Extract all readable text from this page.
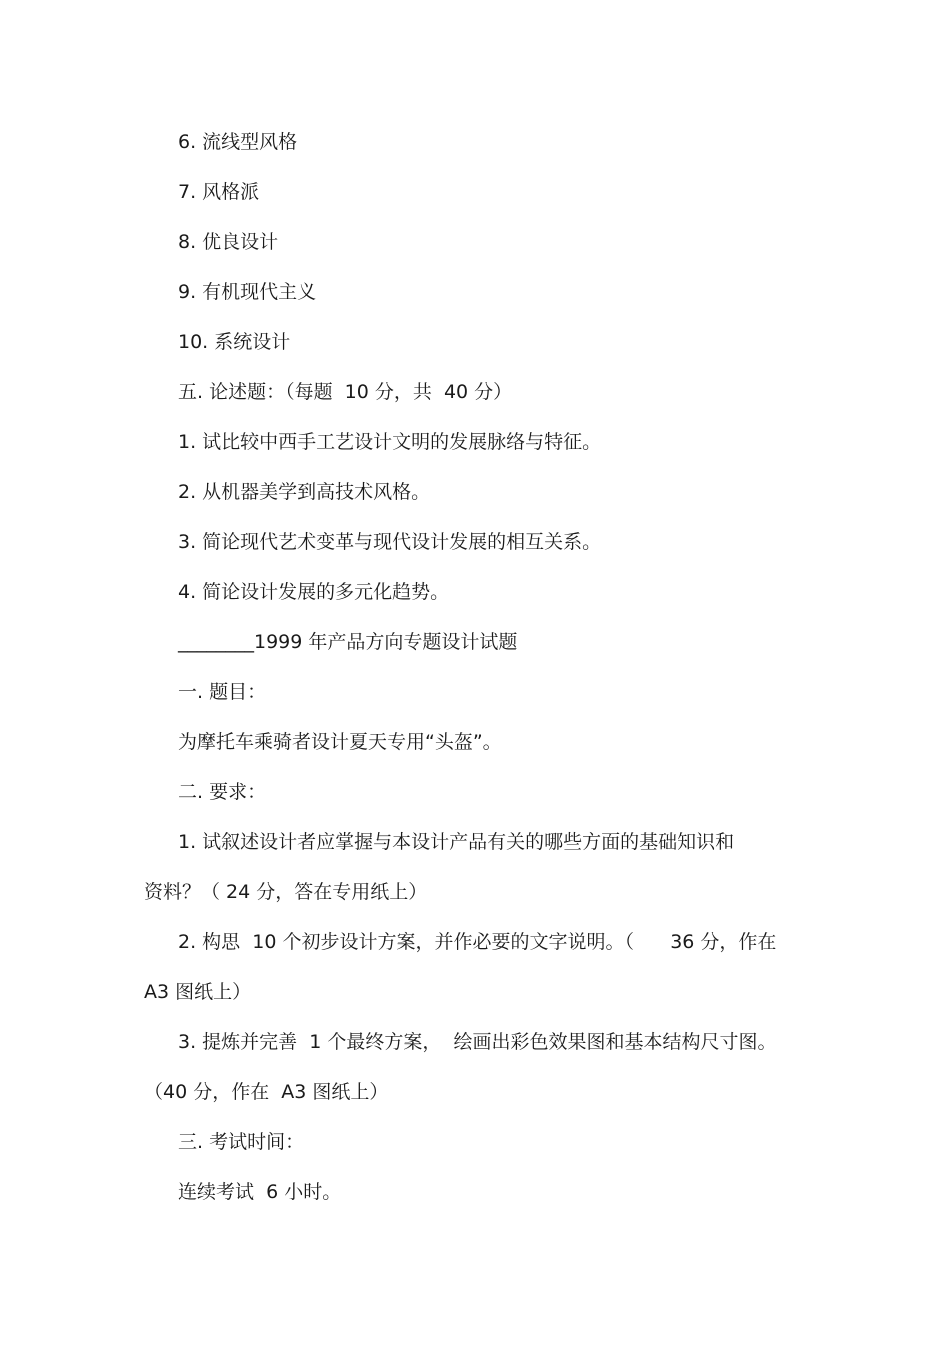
6. 流线型风格
7. 风格派
8. 优良设计
9. 有机现代主义
10. 系统设计
五. 论述题：（每题  10 分，共  40 分）
1. 试比较中西手工艺设计文明的发展脉络与特征。
2. 从机器美学到高技术风格。
3. 简论现代艺术变革与现代设计发展的相互关系。
4. 简论设计发展的多元化趋势。
________1999 年产品方向专题设计试题
一. 题目：
为摩托车乘骑者设计夏天专用“头盔”。
二. 要求：
1. 试叙述设计者应掌握与本设计产品有关的哪些方面的基础知识和
资料？（ 24 分，答在专用纸上）
2. 构思  10 个初步设计方案，并作必要的文字说明。（      36 分，作在
A3 图纸上）
3. 提炼并完善  1 个最终方案，  绘画出彩色效果图和基本结构尺寸图。
（40 分，作在  A3 图纸上）
三. 考试时间：
连续考试  6 小时。
